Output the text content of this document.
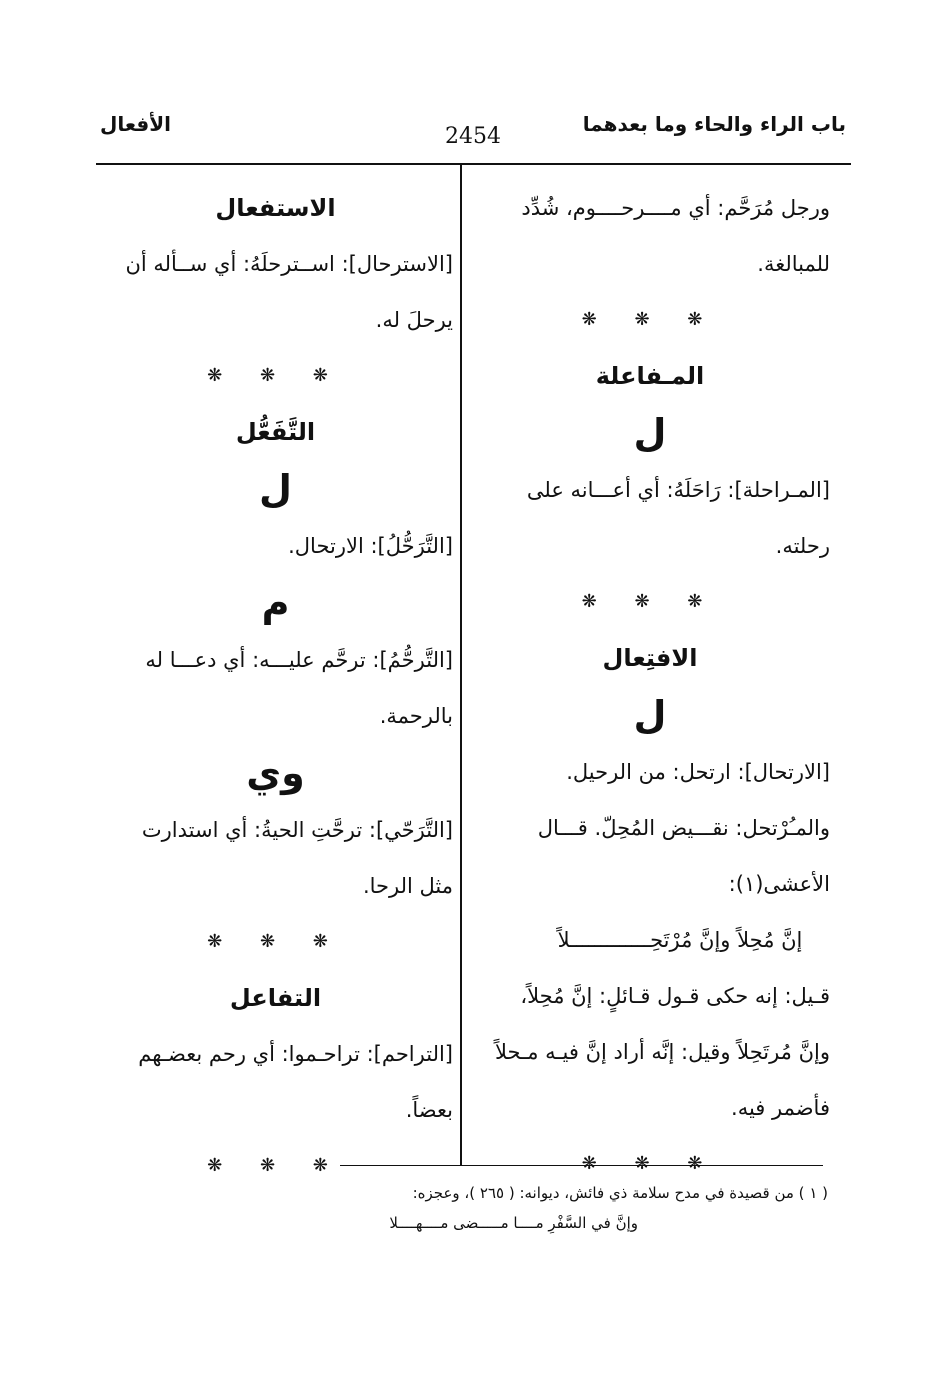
باب الراء والحاء وما بعدهما
2454
الأفعال

ورجل مُرَحَّم: أي مــــرحــــوم، شُدِّد

للمبالغة.

❋ ❋ ❋

المـفاعلة

ل

[المـراحلة]: رَاحَلَهُ: أي أعـــانه على

رحلته.

❋ ❋ ❋

الافتِعال

ل

[الارتحال]: ارتحل: من الرحيل.

والمـُرْتحل: نقـــيض المُحِلّ. قـــال

الأعشى(١):

إنَّ مُحِلاً وإنَّ مُرْتَحِـــــــــــــلاً

قـيل: إنه حكى قـول قـائلٍ: إنَّ مُحِلاً،

وإنَّ مُرتَحِلاً وقيل: إنَّه أراد إنَّ فيـه مـحلاً

فأضمر فيه.

❋ ❋ ❋

الاستفعال

[الاسترحال]: اســترحلَهُ: أي ســأله أن

يرحلَ له.

❋ ❋ ❋

التَّفَعُّل

ل

[التَّرَحُّلُ]: الارتحال.

م

[التَّرحُّمُ]: ترحَّم عليـــه: أي دعـــا له

بالرحمة.

وي

[التَّرَحّي]: ترحَّتِ الحيةُ: أي استدارت

مثل الرحا.

❋ ❋ ❋

التفاعل

[التراحم]: تراحـموا: أي رحم بعضـهم

بعضاً.

❋ ❋ ❋

( ١ ) من قصيدة في مدح سلامة ذي فائش، ديوانه: ( ٢٦٥ )، وعجزه:
وإنَّ في السَّفْرِ مــــا مـــــضى مــــهــــلا
